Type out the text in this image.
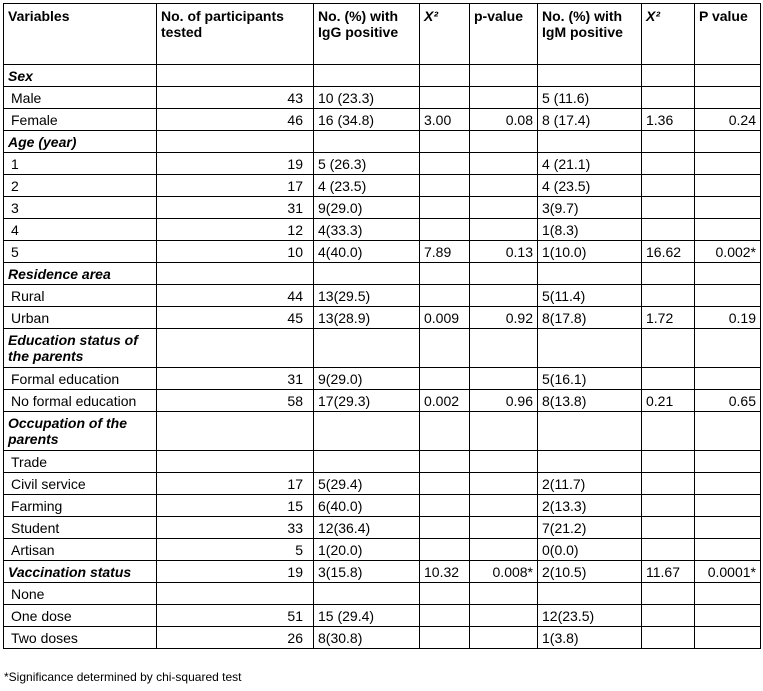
Variables	No. of participants tested	No. (%) with IgG positive	X²	p-value	No. (%) with IgM positive	X²	P value
Sex							
Male	43	10 (23.3)			5 (11.6)		
Female	46	16 (34.8)	3.00	0.08	8 (17.4)	1.36	0.24
Age (year)							
1	19	5 (26.3)			4 (21.1)		
2	17	4 (23.5)			4 (23.5)		
3	31	9(29.0)			3(9.7)		
4	12	4(33.3)			1(8.3)		
5	10	4(40.0)	7.89	0.13	1(10.0)	16.62	0.002*
Residence area							
Rural	44	13(29.5)			5(11.4)		
Urban	45	13(28.9)	0.009	0.92	8(17.8)	1.72	0.19
Education status of the parents							
Formal education	31	9(29.0)			5(16.1)		
No formal education	58	17(29.3)	0.002	0.96	8(13.8)	0.21	0.65
Occupation of the parents							
Trade							
Civil service	17	5(29.4)			2(11.7)		
Farming	15	6(40.0)			2(13.3)		
Student	33	12(36.4)			7(21.2)		
Artisan	5	1(20.0)			0(0.0)		
Vaccination status	19	3(15.8)	10.32	0.008*	2(10.5)	11.67	0.0001*
None							
One dose	51	15 (29.4)			12(23.5)		
Two doses	26	8(30.8)			1(3.8)		
*Significance determined by chi-squared test
